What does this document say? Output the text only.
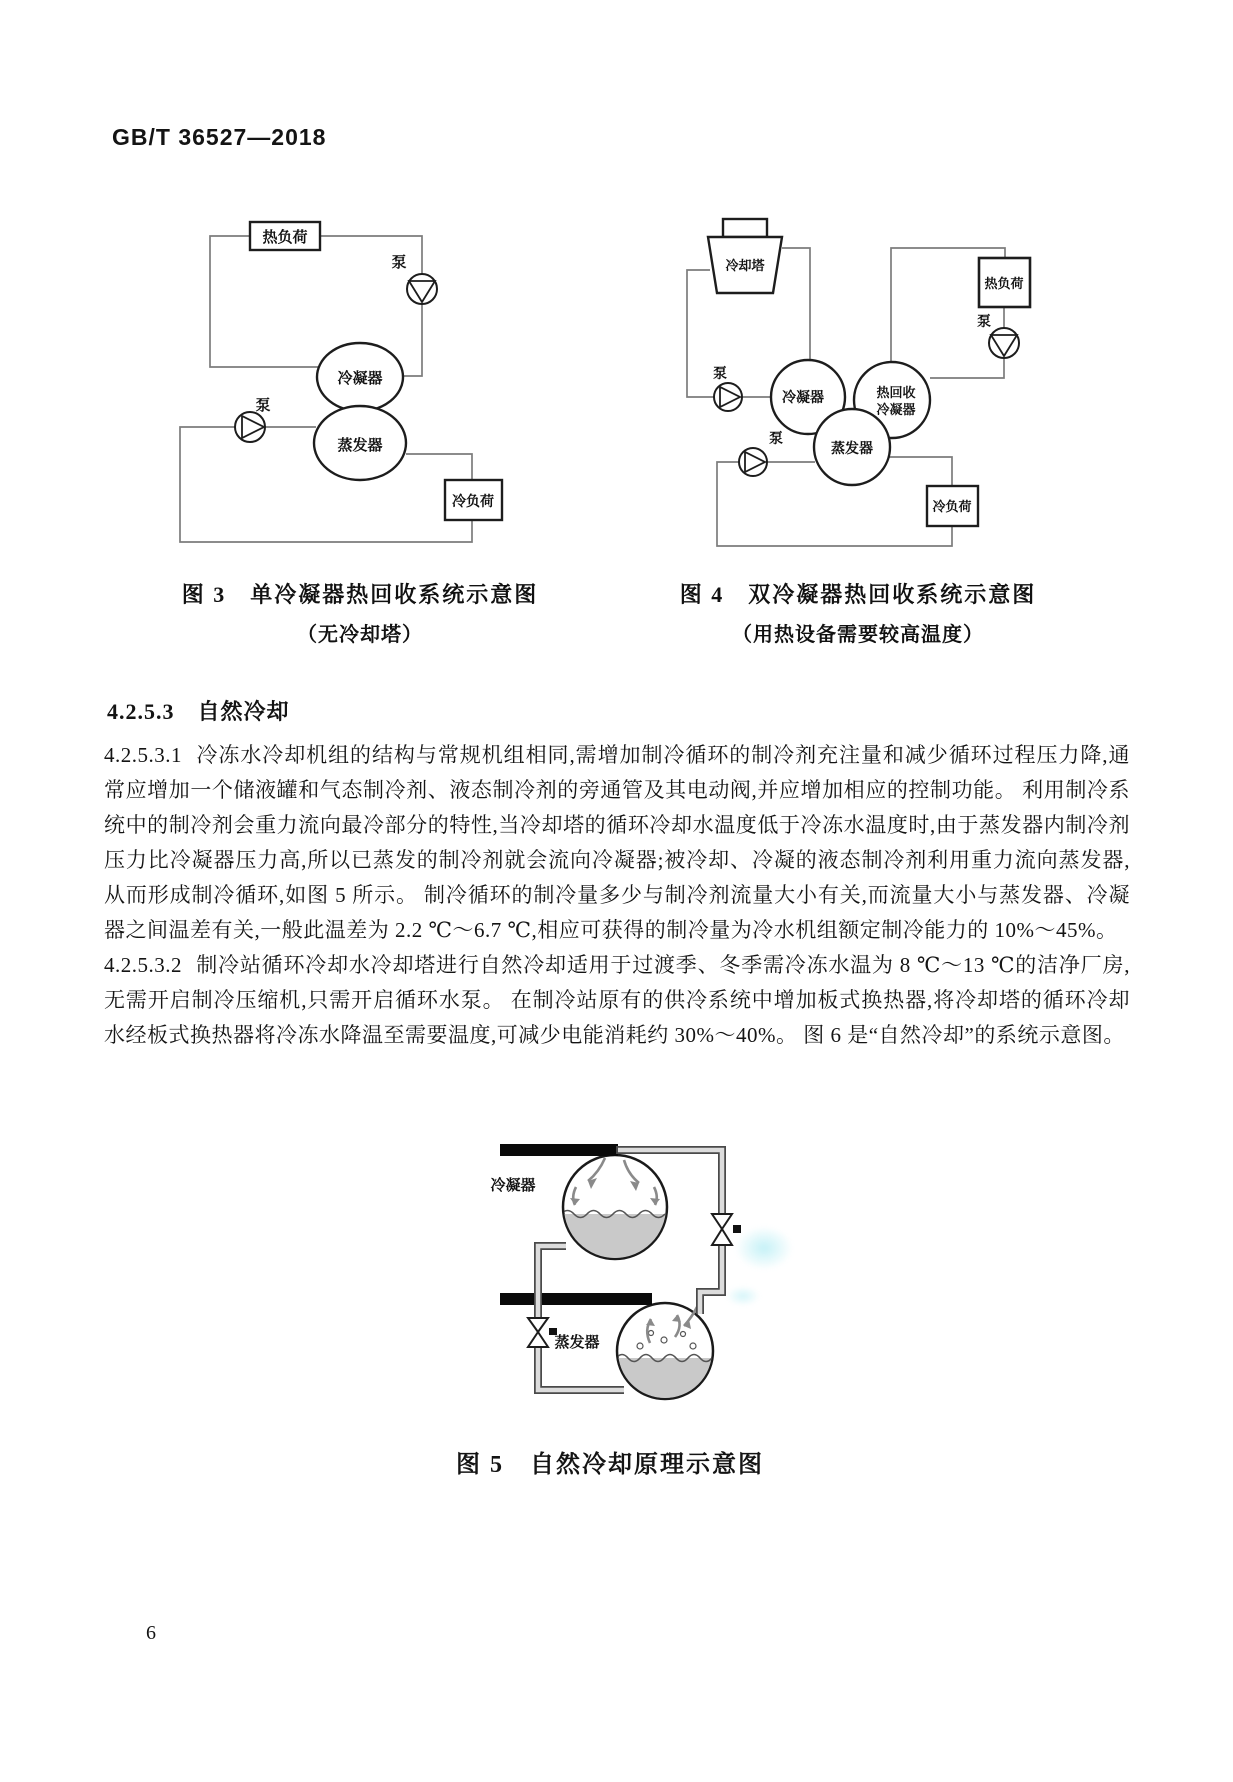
GB/T 36527—2018
热负荷
泵
冷凝器
蒸发器
泵
冷负荷
冷却塔
泵
冷凝器	热回收
冷凝器
蒸发器
热负荷
泵
泵
冷负荷
图 3　单冷凝器热回收系统示意图
（无冷却塔）
图 4　双冷凝器热回收系统示意图
（用热设备需要较高温度）
4.2.5.3　自然冷却

4.2.5.3.1 冷冻水冷却机组的结构与常规机组相同,需增加制冷循环的制冷剂充注量和减少循环过程压力降,通常应增加一个储液罐和气态制冷剂、液态制冷剂的旁通管及其电动阀,并应增加相应的控制功能。 利用制冷系统中的制冷剂会重力流向最冷部分的特性,当冷却塔的循环冷却水温度低于冷冻水温度时,由于蒸发器内制冷剂压力比冷凝器压力高,所以已蒸发的制冷剂就会流向冷凝器;被冷却、冷凝的液态制冷剂利用重力流向蒸发器,从而形成制冷循环,如图 5 所示。 制冷循环的制冷量多少与制冷剂流量大小有关,而流量大小与蒸发器、冷凝器之间温差有关,一般此温差为 2.2 ℃～6.7 ℃,相应可获得的制冷量为冷水机组额定制冷能力的 10%～45%。

4.2.5.3.2 制冷站循环冷却水冷却塔进行自然冷却适用于过渡季、冬季需冷冻水温为 8 ℃～13 ℃的洁净厂房,无需开启制冷压缩机,只需开启循环水泵。 在制冷站原有的供冷系统中增加板式换热器,将冷却塔的循环冷却水经板式换热器将冷冻水降温至需要温度,可减少电能消耗约 30%～40%。 图 6 是“自然冷却”的系统示意图。

冷凝器
蒸发器
图 5　自然冷却原理示意图
6
